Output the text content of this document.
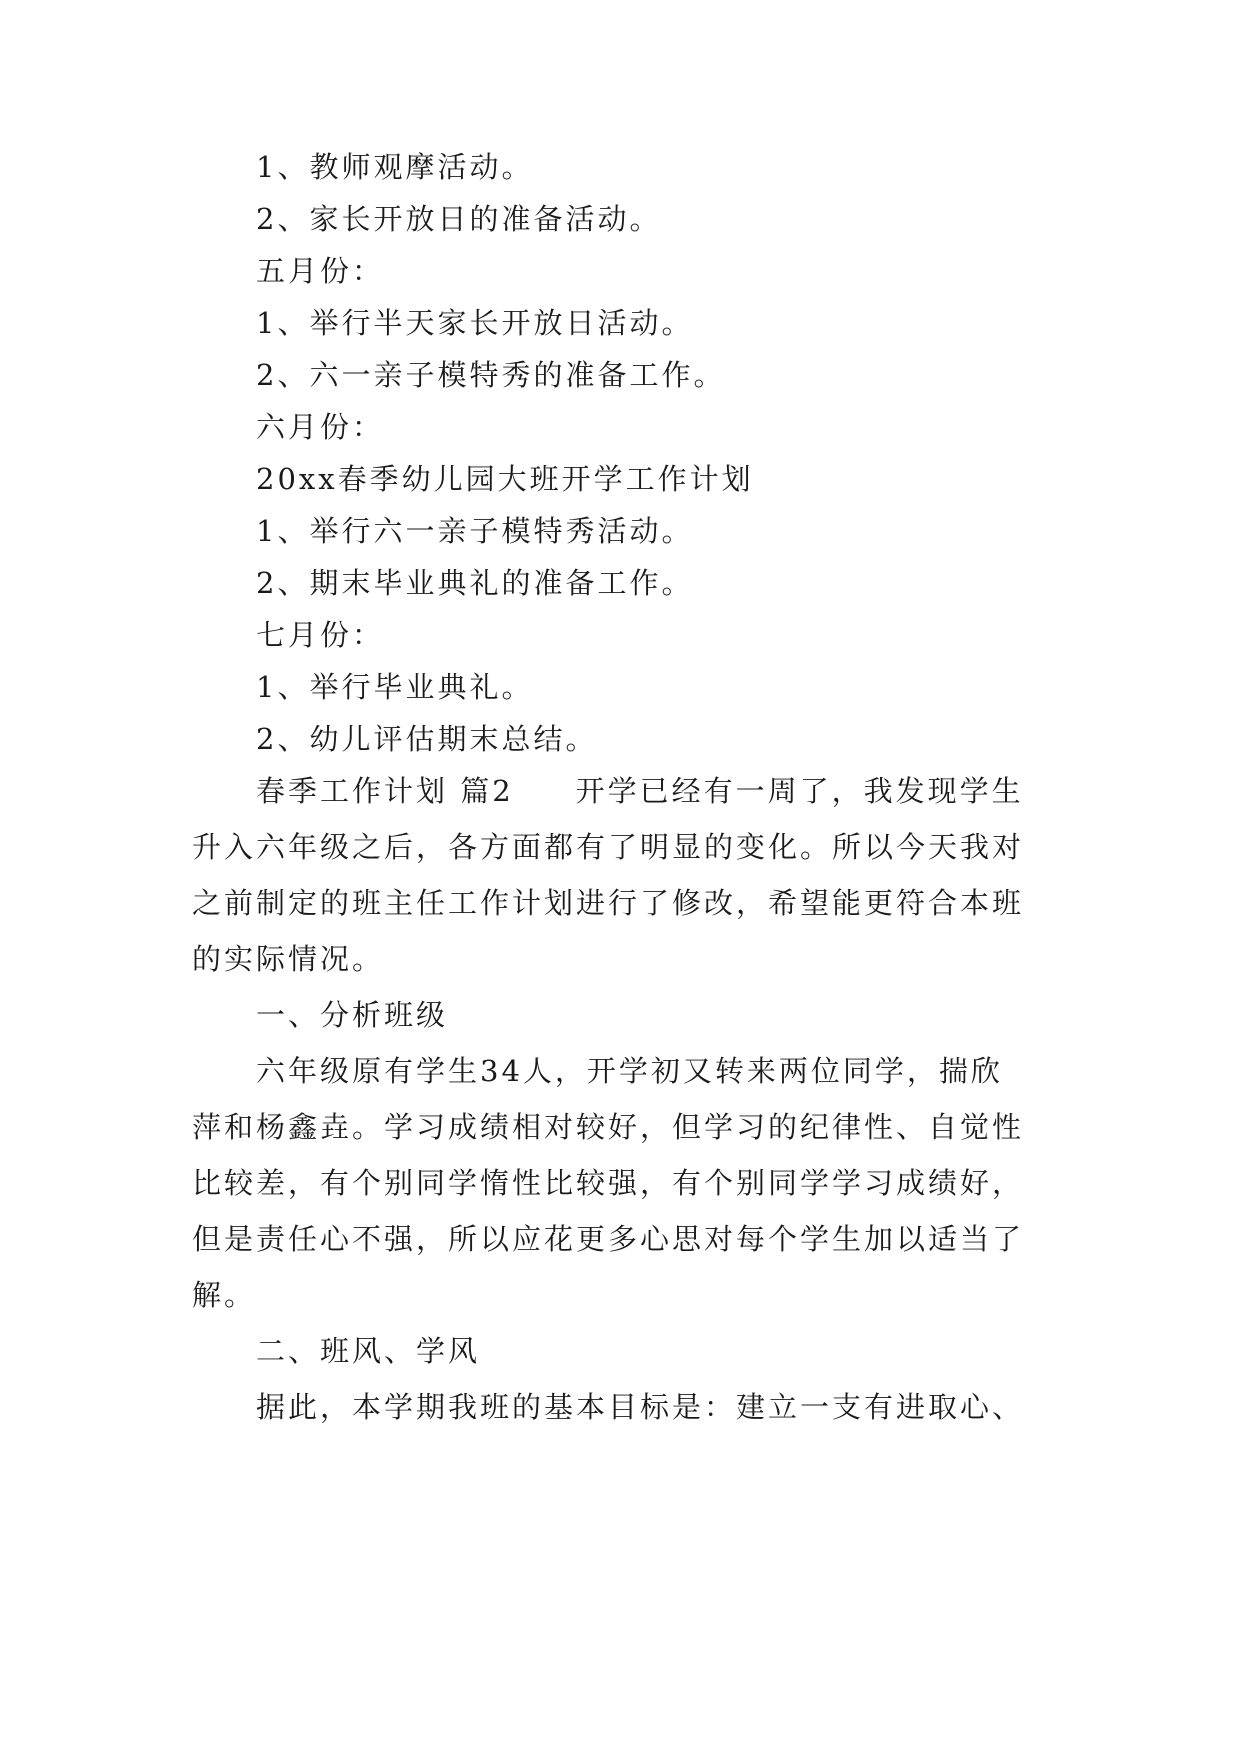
1、教师观摩活动。

2、家长开放日的准备活动。

五月份：

1、举行半天家长开放日活动。

2、六一亲子模特秀的准备工作。

六月份：

20xx春季幼儿园大班开学工作计划

1、举行六一亲子模特秀活动。

2、期末毕业典礼的准备工作。

七月份：

1、举行毕业典礼。

2、幼儿评估期末总结。

春季工作计划 篇2 开学已经有一周了，我发现学生

升入六年级之后，各方面都有了明显的变化。所以今天我对

之前制定的班主任工作计划进行了修改，希望能更符合本班

的实际情况。

一、分析班级

六年级原有学生34人，开学初又转来两位同学，揣欣

萍和杨鑫垚。学习成绩相对较好，但学习的纪律性、自觉性

比较差，有个别同学惰性比较强，有个别同学学习成绩好，

但是责任心不强，所以应花更多心思对每个学生加以适当了

解。

二、班风、学风

据此，本学期我班的基本目标是：建立一支有进取心、
